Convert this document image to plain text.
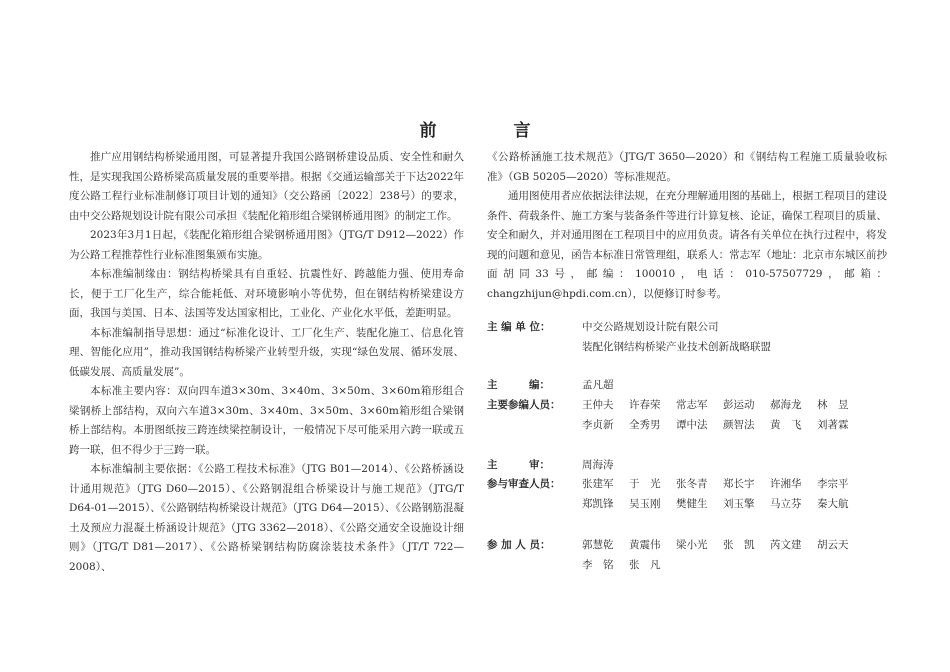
前　言

推广应用钢结构桥梁通用图，可显著提升我国公路钢桥建设品质、安全性和耐久性，是实现我国公路桥梁高质量发展的重要举措。根据《交通运输部关于下达2022年度公路工程行业标准制修订项目计划的通知》（交公路函〔2022〕238号）的要求，由中交公路规划设计院有限公司承担《装配化箱形组合梁钢桥通用图》的制定工作。

2023年3月1日起，《装配化箱形组合梁钢桥通用图》（JTG/T D912—2022）作为公路工程推荐性行业标准图集颁布实施。

本标准编制缘由：钢结构桥梁具有自重轻、抗震性好、跨越能力强、使用寿命长，便于工厂化生产，综合能耗低、对环境影响小等优势，但在钢结构桥梁建设方面，我国与美国、日本、法国等发达国家相比，工业化、产业化水平低，差距明显。

本标准编制指导思想：通过“标准化设计、工厂化生产、装配化施工、信息化管理、智能化应用”，推动我国钢结构桥梁产业转型升级，实现“绿色发展、循环发展、低碳发展、高质量发展”。

本标准主要内容：双向四车道3×30m、3×40m、3×50m、3×60m箱形组合梁钢桥上部结构，双向六车道3×30m、3×40m、3×50m、3×60m箱形组合梁钢桥上部结构。本册图纸按三跨连续梁控制设计，一般情况下尽可能采用六跨一联或五跨一联，但不得少于三跨一联。

本标准编制主要依据：《公路工程技术标准》（JTG B01—2014）、《公路桥涵设计通用规范》（JTG D60—2015）、《公路钢混组合桥梁设计与施工规范》（JTG/T D64-01—2015）、《公路钢结构桥梁设计规范》（JTG D64—2015）、《公路钢筋混凝土及预应力混凝土桥涵设计规范》（JTG 3362—2018）、《公路交通安全设施设计细则》（JTG/T D81—2017）、《公路桥梁钢结构防腐涂装技术条件》（JT/T 722—2008）、

《公路桥涵施工技术规范》（JTG/T 3650—2020）和《钢结构工程施工质量验收标准》（GB 50205—2020）等标准规范。

通用图使用者应依据法律法规，在充分理解通用图的基础上，根据工程项目的建设条件、荷载条件、施工方案与装备条件等进行计算复核、论证，确保工程项目的质量、安全和耐久，并对通用图在工程项目中的应用负责。请各有关单位在执行过程中，将发现的问题和意见，函告本标准日常管理组，联系人：常志军（地址：北京市东城区前抄面胡同33号，邮编：100010，电话：010-57507729，邮箱：changzhijun@hpdi.com.cn），以便修订时参考。

主 编 单 位：	中交公路规划设计院有限公司
装配化钢结构桥梁产业技术创新战略联盟
主　　　编：	孟凡超
主要参编人员：	王仲夫	许春荣	常志军	彭运动	郝海龙	林　昱
李贞新	全秀男	谭中法	颜智法	黄　飞	刘著霖
主　　　审：	周海涛
参与审查人员：	张建军	于　光	张冬青	郑长宇	许湘华	李宗平
郑凯锋	吴玉刚	樊健生	刘玉擎	马立芬	秦大航
参 加 人 员：	郭慧乾	黄震伟	梁小光	张　凯	芮文建	胡云天
李　铭	张　凡
